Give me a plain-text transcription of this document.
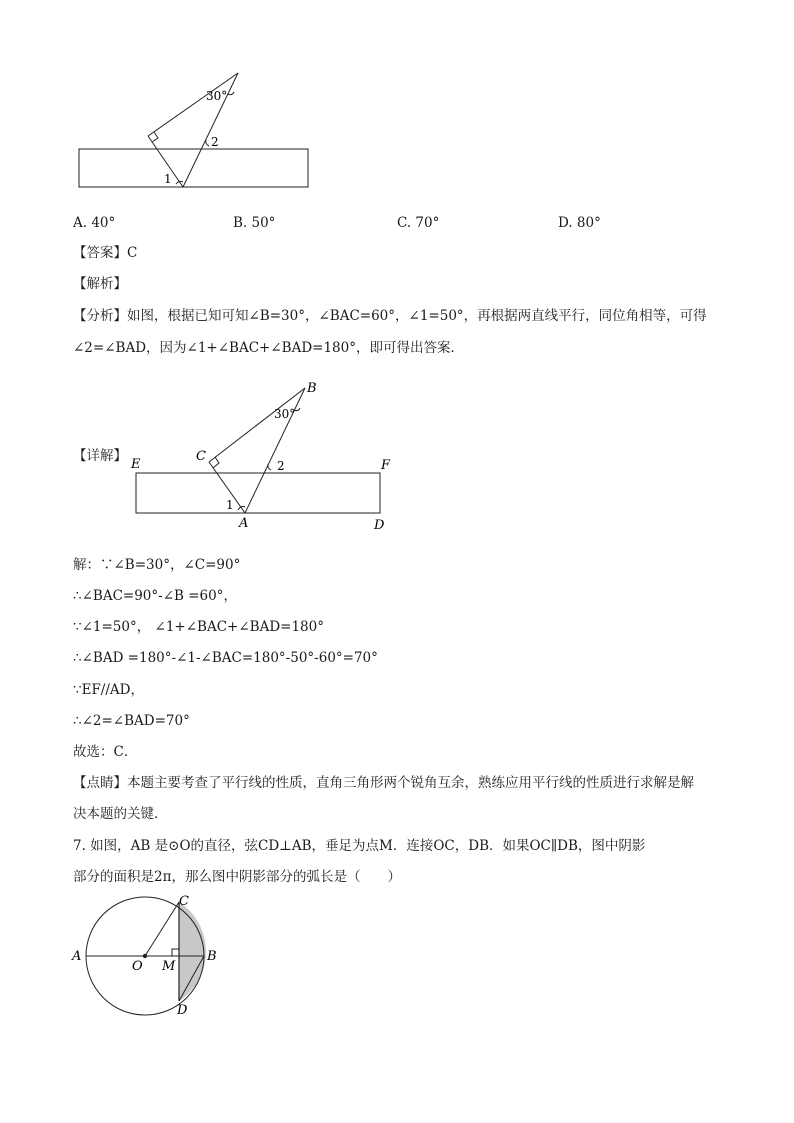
30°
1
2
A. 40°	B. 50°	C. 70°	D. 80°
【答案】C
【解析】
【分析】如图，根据已知可知∠B=30°，∠BAC=60°，∠1=50°，再根据两直线平行，同位角相等，可得
∠2=∠BAD，因为∠1+∠BAC+∠BAD=180°，即可得出答案．
【详解】
B
30°
C
E	F
2
1
A	D
解：∵∠B=30°，∠C=90°
∴∠BAC=90°-∠B =60°，
∵∠1=50°， ∠1+∠BAC+∠BAD=180°
∴∠BAD =180°-∠1-∠BAC=180°-50°-60°=70°
∵EF//AD，
∴∠2=∠BAD=70°
故选：C．
【点睛】本题主要考查了平行线的性质，直角三角形两个锐角互余，熟练应用平行线的性质进行求解是解
决本题的关键．
7. 如图，AB 是⊙O的直径，弦CD⊥AB，垂足为点M．连接OC，DB．如果OC∥DB，图中阴影
部分的面积是2π，那么图中阴影部分的弧长是（　　）
A
O M
B
C
D
